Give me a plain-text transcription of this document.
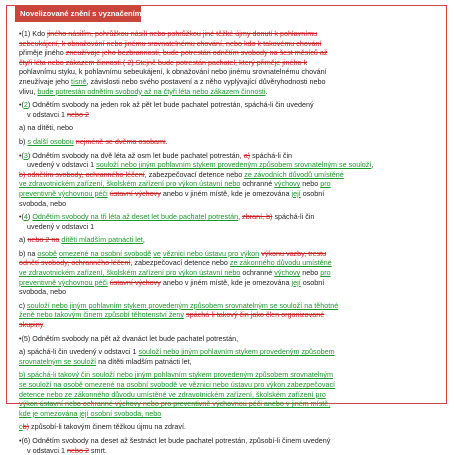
Novelizované znění s vyznačením změn
•(1) Kdo jiného násilím, pohrůžkou násilí nebo pohrůžkou jiné těžké újmy donutí k pohlavnímu
sebeukájení, k obnažování nebo jinému srovnatelnému chování, nebo kdo k takovému chování
přiměje jiného zneužívaje jeho bezbrannosti, bude potrestán odnětím svobody na šest měsíců až
čtyři léta nebo zákazem činnosti.( 2) Stejně bude potrestán pachatel, který přiměje jiného k
pohlavnímu styku, k pohlavnímu sebeukájení, k obnažování nebo jinému srovnatelnému chování
zneužívaje jeho tísně, závislosti nebo svého postavení a z něho vyplývající důvěryhodnosti nebo
vlivu, bude potrestán odnětím svobody až na čtyři léta nebo zákazem činnosti.
•(2) Odnětím svobody na jeden rok až pět let bude pachatel potrestán, spáchá-li čin uvedený
v odstavci 1 nebo 2
a) na dítěti, nebo
b) s další osobou nejméně se dvěma osobami.
•(3) Odnětím svobody na dvě léta až osm let bude pachatel potrestán, a) spáchá-li čin
uvedený v odstavci 1 souloží nebo jiným pohlavním stykem provedeným způsobem srovnatelným se souloží,
b) odnětím svobody, ochranného léčení, zabezpečovací detence nebo ze závodních důvodů umístěné
ve zdravotnickém zařízení, školském zařízení pro výkon ústavní nebo ochranné výchovy nebo pro
preventivně výchovnou péči ústavní výchovy anebo v jiném místě, kde je omezována její osobní
svoboda, nebo
•(4) Odnětím svobody na tři léta až deset let bude pachatel potrestán, zbraní, b) spáchá-li čin
uvedený v odstavci 1
a) nebo 2 na dítěti mladším patnácti let,
b) na osobě omezené na osobní svobodě ve věznici nebo ústavu pro výkon výkonu vazby, trestu
odnětí svobody, ochranného léčení, zabezpečovací detence nebo ze zákonného důvodu umístěné
ve zdravotnickém zařízení, školském zařízení pro výkon ústavní nebo ochranné výchovy nebo pro
preventivně výchovnou péči ústavní výchovy anebo v jiném místě, kde je omezována její osobní
svoboda, nebo
c) souloží nebo jiným pohlavním stykem provedeným způsobem srovnatelným se souloží na těhotné
ženě nebo takovým činem způsobí těhotenství ženy spáchá-li takový čin jako člen organizované
skupiny.
•(5) Odnětím svobody na pět až dvanáct let bude pachatel potrestán,
a) spáchá-li čin uvedený v odstavci 1 souloží nebo jiným pohlavním stykem provedeným způsobem
srovnatelným se souloží na dítěti mladším patnácti let,
b) spáchá-li takový čin souloží nebo jiným pohlavním stykem provedeným způsobem srovnatelným
se souloží na osobě omezené na osobní svobodě ve věznici nebo ústavu pro výkon zabezpečovací
detence nebo ze zákonného důvodu umístěné ve zdravotnickém zařízení, školském zařízení pro
výkon ústavní nebo ochranné výchovy nebo pro preventivně výchovnou péči anebo v jiném místě,
kde je omezována její osobní svoboda, nebo
cb) způsobí-li takovým činem těžkou újmu na zdraví.
•(6) Odnětím svobody na deset až šestnáct let bude pachatel potrestán, způsobí-li činem uvedený
v odstavci 1 nebo 2 smrt.
